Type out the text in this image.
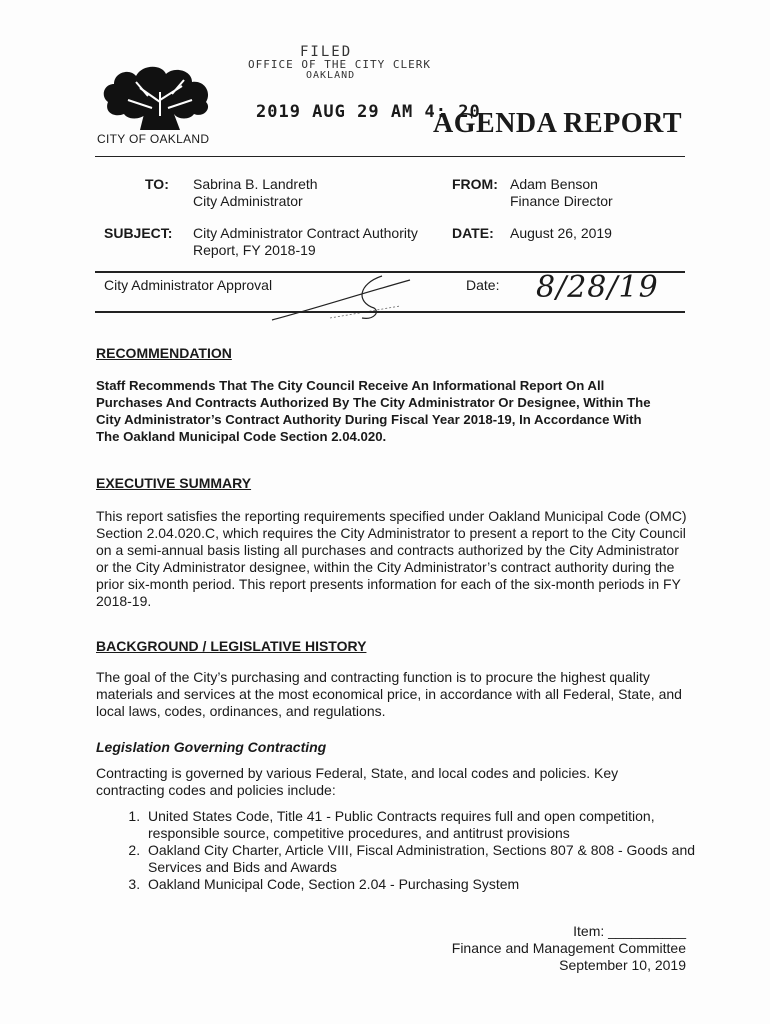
FILED
OFFICE OF THE CITY CLERK
OAKLAND
2019 AUG 29 AM 4: 20
CITY OF OAKLAND	AGENDA REPORT
TO: Sabrina B. Landreth
City Administrator
FROM: Adam Benson
Finance Director
SUBJECT: City Administrator Contract Authority
Report, FY 2018-19
DATE: August 26, 2019
City Administrator Approval	Date: 8/28/19
RECOMMENDATION
Staff Recommends That The City Council Receive An Informational Report On All
Purchases And Contracts Authorized By The City Administrator Or Designee, Within The
City Administrator’s Contract Authority During Fiscal Year 2018-19, In Accordance With
The Oakland Municipal Code Section 2.04.020.
EXECUTIVE SUMMARY
This report satisfies the reporting requirements specified under Oakland Municipal Code (OMC)
Section 2.04.020.C, which requires the City Administrator to present a report to the City Council
on a semi-annual basis listing all purchases and contracts authorized by the City Administrator
or the City Administrator designee, within the City Administrator’s contract authority during the
prior six-month period. This report presents information for each of the six-month periods in FY
2018-19.
BACKGROUND / LEGISLATIVE HISTORY
The goal of the City’s purchasing and contracting function is to procure the highest quality
materials and services at the most economical price, in accordance with all Federal, State, and
local laws, codes, ordinances, and regulations.
Legislation Governing Contracting
Contracting is governed by various Federal, State, and local codes and policies. Key
contracting codes and policies include:
1. United States Code, Title 41 - Public Contracts requires full and open competition,
responsible source, competitive procedures, and antitrust provisions
2. Oakland City Charter, Article VIII, Fiscal Administration, Sections 807 & 808 - Goods and
Services and Bids and Awards
3. Oakland Municipal Code, Section 2.04 - Purchasing System
Item: __________
Finance and Management Committee
September 10, 2019
